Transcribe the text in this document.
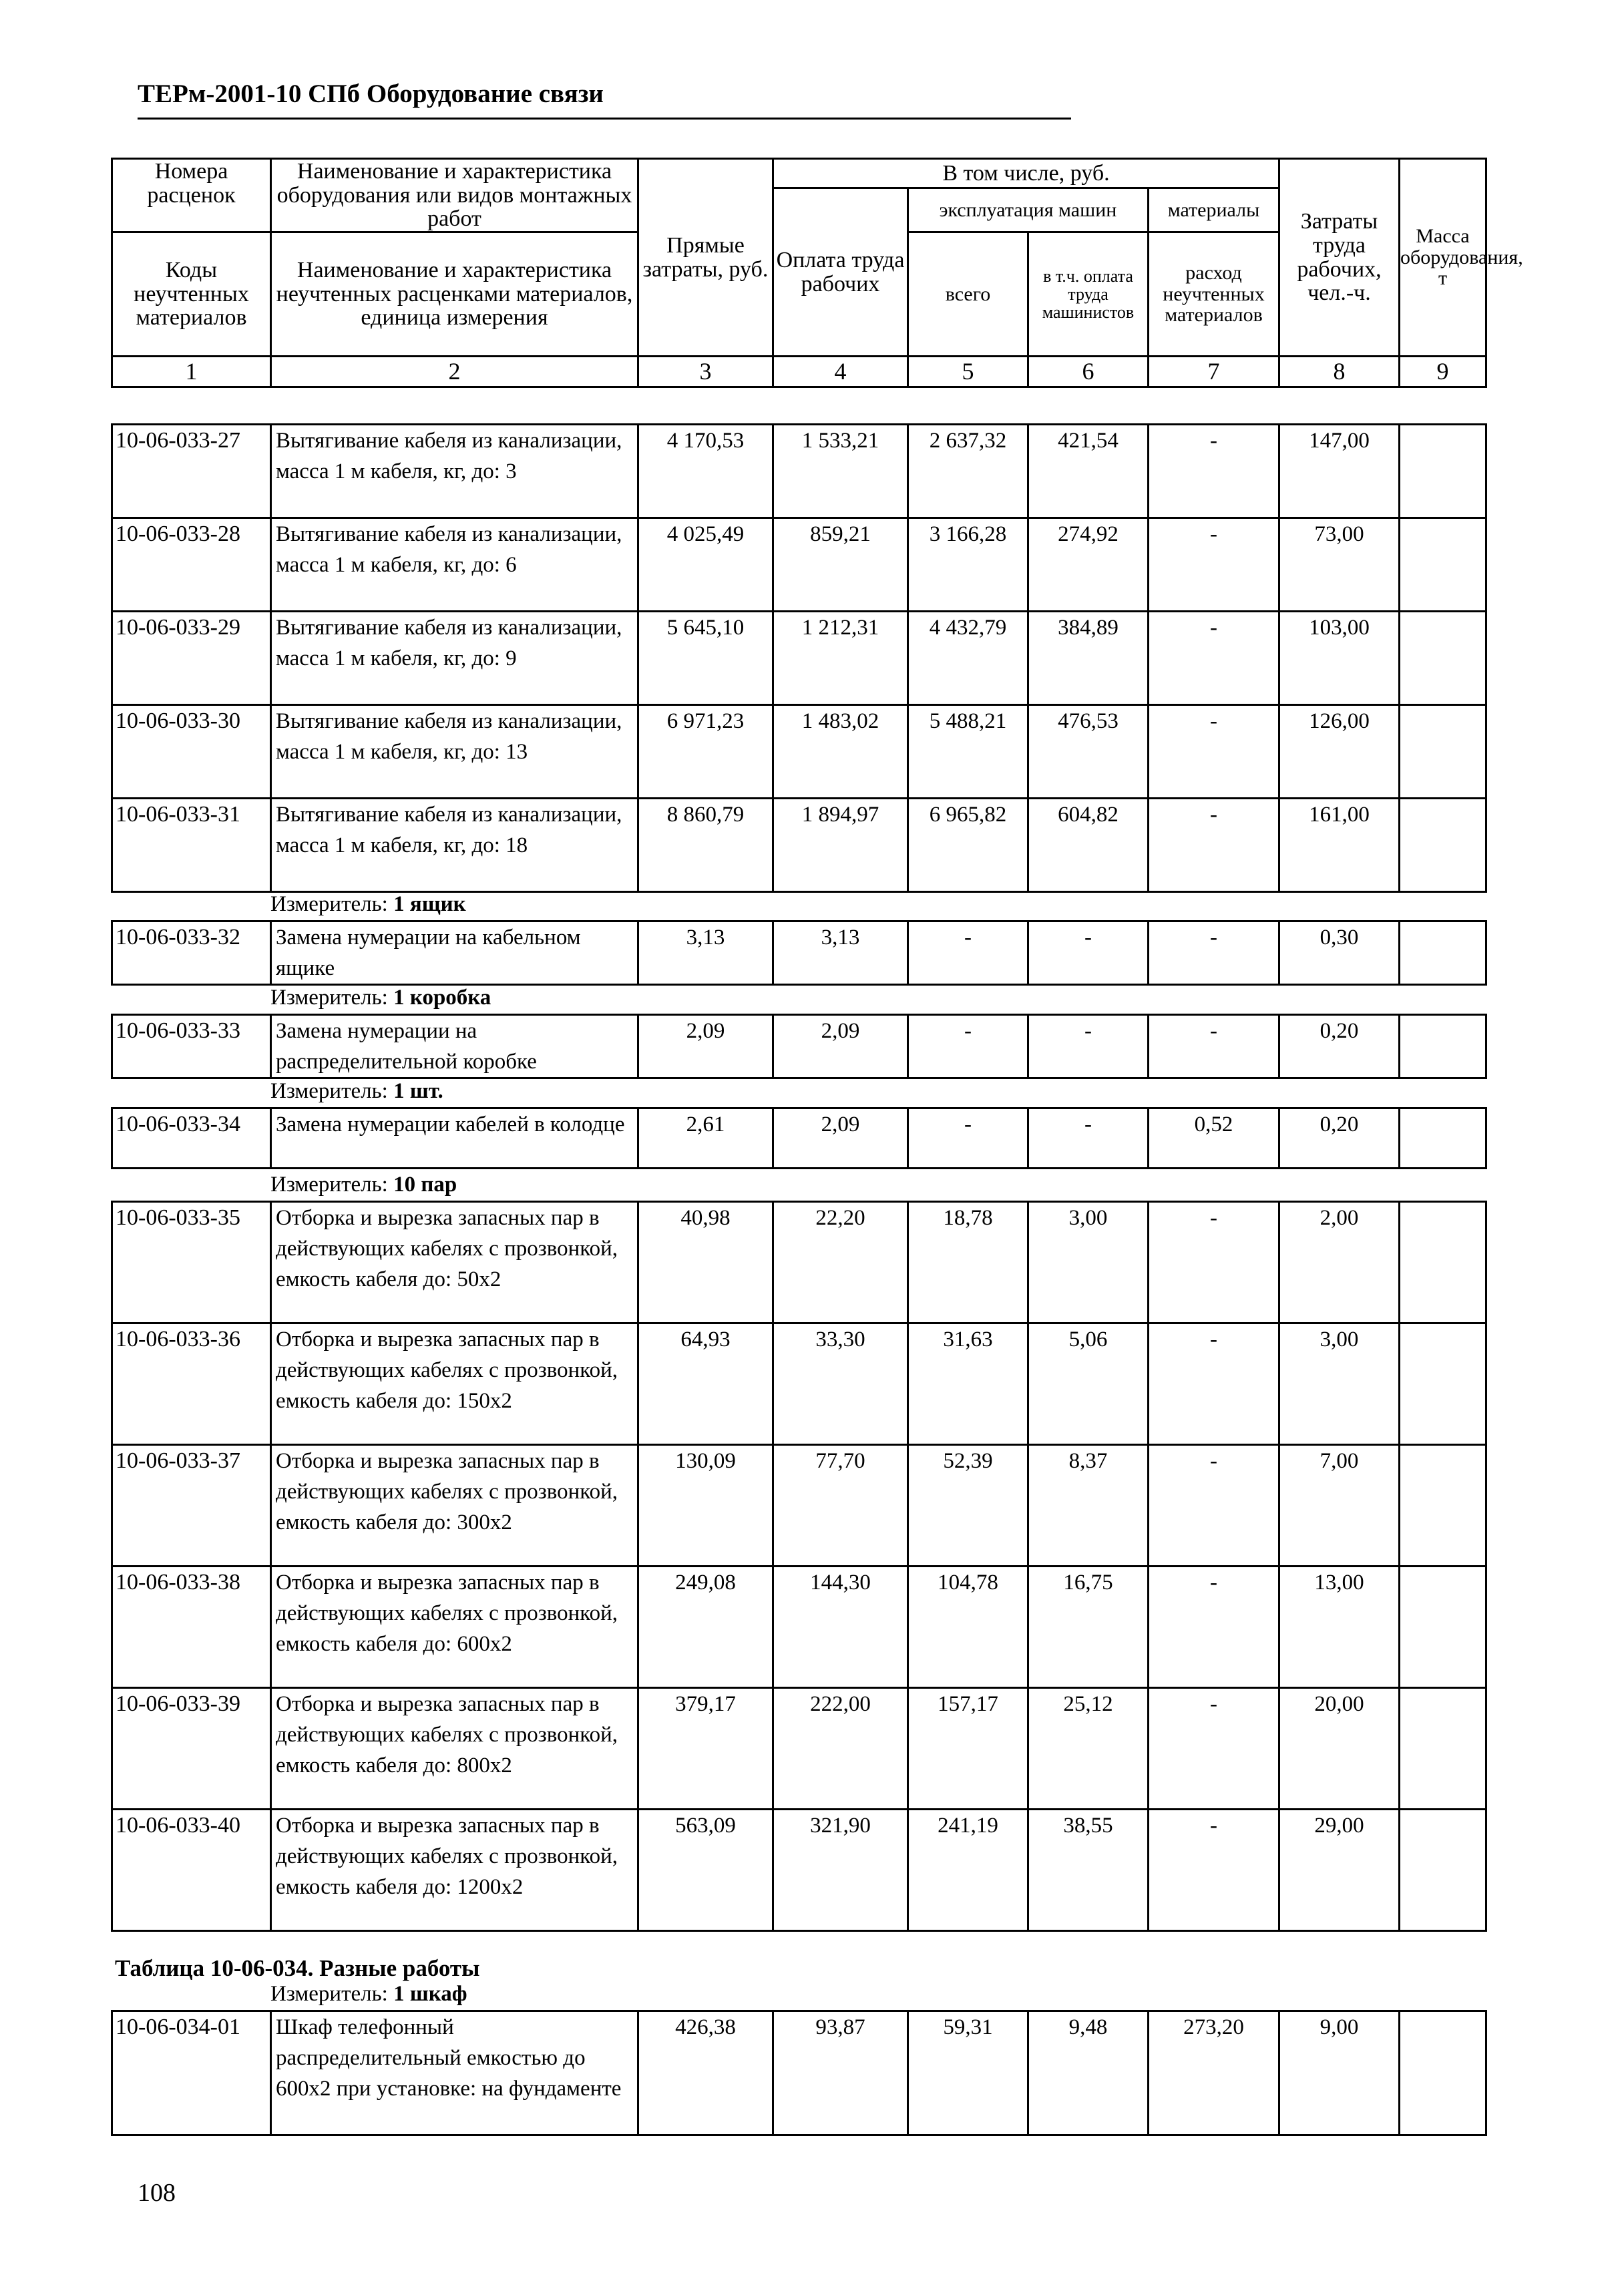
ТЕРм-2001-10 СПб Оборудование связи
Номера расценок	Наименование и характеристика оборудования или видов монтажных работ	Прямые затраты, руб.	В том числе, руб.				Затраты труда рабочих, чел.-ч.	Масса оборудования, т
			Оплата труда рабочих	эксплуатация машин		материалы		

Коды неучтенных материалов	Наименование и характеристика неучтенных расценками материалов, единица измерения			всего	в т.ч. оплата труда машинистов	расход неучтенных материалов		

1	2	3	4	5	6	7	8	9
10-06-033-27	Вытягивание кабеля из канализации, масса 1 м кабеля, кг, до: 3	4 170,53	1 533,21	2 637,32	421,54	-	147,00	
10-06-033-28	Вытягивание кабеля из канализации, масса 1 м кабеля, кг, до: 6	4 025,49	859,21	3 166,28	274,92	-	73,00	
10-06-033-29	Вытягивание кабеля из канализации, масса 1 м кабеля, кг, до: 9	5 645,10	1 212,31	4 432,79	384,89	-	103,00	
10-06-033-30	Вытягивание кабеля из канализации, масса 1 м кабеля, кг, до: 13	6 971,23	1 483,02	5 488,21	476,53	-	126,00	
10-06-033-31	Вытягивание кабеля из канализации, масса 1 м кабеля, кг, до: 18	8 860,79	1 894,97	6 965,82	604,82	-	161,00	
Измеритель: 1 ящик
10-06-033-32	Замена нумерации на кабельном ящике	3,13	3,13	-	-	-	0,30	
Измеритель: 1 коробка
10-06-033-33	Замена нумерации на распределительной коробке	2,09	2,09	-	-	-	0,20	
Измеритель: 1 шт.
10-06-033-34	Замена нумерации кабелей в колодце	2,61	2,09	-	-	0,52	0,20	
Измеритель: 10 пар
10-06-033-35	Отборка и вырезка запасных пар в действующих кабелях с прозвонкой, емкость кабеля до: 50х2	40,98	22,20	18,78	3,00	-	2,00	
10-06-033-36	Отборка и вырезка запасных пар в действующих кабелях с прозвонкой, емкость кабеля до: 150х2	64,93	33,30	31,63	5,06	-	3,00	
10-06-033-37	Отборка и вырезка запасных пар в действующих кабелях с прозвонкой, емкость кабеля до: 300х2	130,09	77,70	52,39	8,37	-	7,00	
10-06-033-38	Отборка и вырезка запасных пар в действующих кабелях с прозвонкой, емкость кабеля до: 600х2	249,08	144,30	104,78	16,75	-	13,00	
10-06-033-39	Отборка и вырезка запасных пар в действующих кабелях с прозвонкой, емкость кабеля до: 800х2	379,17	222,00	157,17	25,12	-	20,00	
10-06-033-40	Отборка и вырезка запасных пар в действующих кабелях с прозвонкой, емкость кабеля до: 1200х2	563,09	321,90	241,19	38,55	-	29,00	
Измеритель: 1 шкаф
10-06-034-01	Шкаф телефонный распределительный емкостью до 600х2 при установке: на фундаменте	426,38	93,87	59,31	9,48	273,20	9,00	
Таблица 10-06-034. Разные работы
108
